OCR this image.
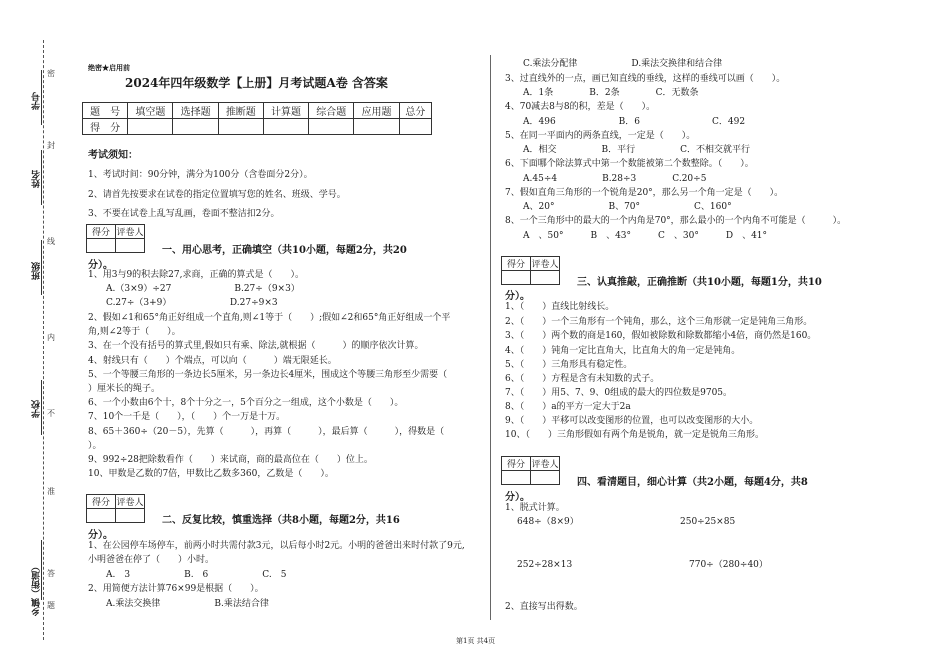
学号
姓名
班级
学校
乡镇（街道）
密
封
线
内
不
准
答
题
绝密★启用前
2024年四年级数学【上册】月考试题A卷 含答案
题　号	填空题	选择题	推断题	计算题	综合题	应用题	总分
得　分							
考试须知：
1、考试时间：90分钟，满分为100分（含卷面分2分）。
2、请首先按要求在试卷的指定位置填写您的姓名、班级、学号。
3、不要在试卷上乱写乱画，卷面不整洁扣2分。
得分	评卷人

一、用心思考，正确填空（共10小题，每题2分，共20
分）。
1、用3与9的积去除27,求商，正确的算式是（　　）。
　　A.（3×9）÷27　　　　　　　B.27÷（9×3）
　　C.27÷（3+9）　　　　　　　D.27÷9×3
2、假如∠1和65°角正好组成一个直角,则∠1等于（　　）;假如∠2和65°角正好组成一个平
角,则∠2等于（　　）。
3、在一个没有括号的算式里,假如只有乘、除法,就根据（　　　）的顺序依次计算。
4、射线只有（　　）个端点，可以向（　　　）端无限延长。
5、一个等腰三角形的一条边长5厘米，另一条边长4厘米，围成这个等腰三角形至少需要（
）厘米长的绳子。
6、一个小数由6个十，8个十分之一，5个百分之一组成，这个小数是（　　）。
7、10个一千是（　　），（　　）个一万是十万。
8、65＋360÷（20－5），先算（　　　），再算（　　　），最后算（　　　），得数是（
）。
9、992÷28把除数看作（　　）来试商，商的最高位在（　　）位上。
10、甲数是乙数的7倍，甲数比乙数多360，乙数是（　　）。
得分	评卷人

二、反复比较，慎重选择（共8小题，每题2分，共16
分）。
1、在公园停车场停车，前两小时共需付款3元，以后每小时2元。小明的爸爸出来时付款了9元,
小明爸爸在停了（　　）小时。
　　A.　3　　　　　　B.　6　　　　　　C.　5
2、用简便方法计算76×99是根据（　　）。
　　A.乘法交换律　　　　　　B.乘法结合律
　　C.乘法分配律　　　　　　D.乘法交换律和结合律
3、过直线外的一点，画已知直线的垂线，这样的垂线可以画（　　）。
　　A．1条　　　　B．2条　　　　C．无数条
4、70减去8与8的积，差是（　　）。
　　A．496　　　　　　　B．6　　　　　　　　C．492
5、在同一平面内的两条直线，一定是（　　）。
　　A．相交　　　　　B．平行　　　　　C．不相交就平行
6、下面哪个除法算式中第一个数能被第二个数整除。（　　）。
　　A.45÷4　　　　　B.28÷3　　　　C.20÷5
7、假如直角三角形的一个锐角是20°，那么另一个角一定是（　　）。
　　A、20°　　　　　　B、70°　　　　　　C、160°
8、一个三角形中的最大的一个内角是70°，那么最小的一个内角不可能是（　　　）。
　　A　、50°　　　B　、43°　　　C　、30°　　　D　、41°
得分	评卷人

三、认真推敲，正确推断（共10小题，每题1分，共10
分）。
1、（　　）直线比射线长。
2、（　　）一个三角形有一个钝角，那么，这个三角形就一定是钝角三角形。
3、（　　）两个数的商是160，假如被除数和除数都缩小4倍，商仍然是160。
4、（　　）钝角一定比直角大，比直角大的角一定是钝角。
5、（　　）三角形具有稳定性。
6、（　　）方程是含有未知数的式子。
7、（　　）用5、7、9、0组成的最大的四位数是9705。
8、（　　）a的平方一定大于2a
9、（　　）平移可以改变图形的位置，也可以改变图形的大小。
10、（　　）三角形假如有两个角是锐角，就一定是锐角三角形。
得分	评卷人

四、看清题目，细心计算（共2小题，每题4分，共8
分）。
1、脱式计算。
648÷（8×9）	250÷25×85
252÷28×13	770÷（280÷40）
2、直接写出得数。
第1页 共4页
